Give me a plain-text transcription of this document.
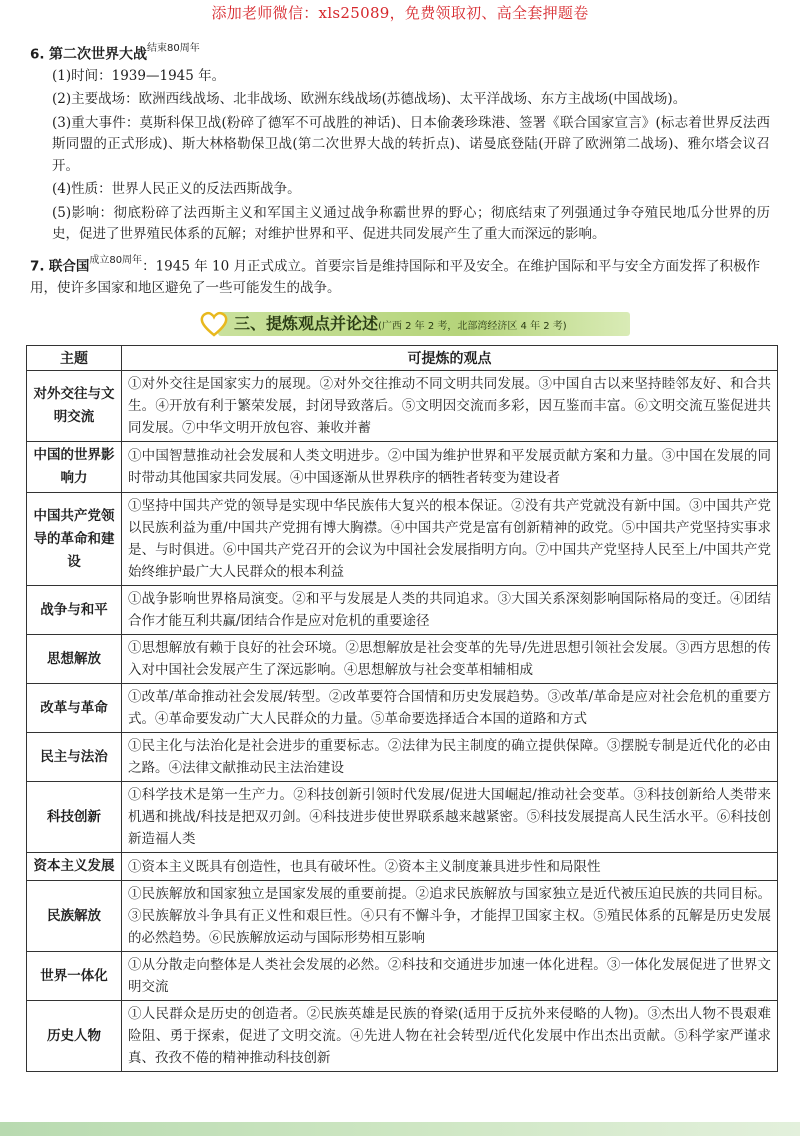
添加老师微信：xls25089，免费领取初、高全套押题卷
6. 第二次世界大战$^{结束80周年}$

(1)时间：1939—1945 年。

(2)主要战场：欧洲西线战场、北非战场、欧洲东线战场(苏德战场)、太平洋战场、东方主战场(中国战场)。

(3)重大事件：莫斯科保卫战(粉碎了德军不可战胜的神话)、日本偷袭珍珠港、签署《联合国家宣言》(标志着世界反法西斯同盟的正式形成)、斯大林格勒保卫战(第二次世界大战的转折点)、诺曼底登陆(开辟了欧洲第二战场)、雅尔塔会议召开。

(4)性质：世界人民正义的反法西斯战争。

(5)影响：彻底粉碎了法西斯主义和军国主义通过战争称霸世界的野心；彻底结束了列强通过争夺殖民地瓜分世界的历史，促进了世界殖民体系的瓦解；对维护世界和平、促进共同发展产生了重大而深远的影响。

7. 联合国$^{成立80周年}$：1945 年 10 月正式成立。首要宗旨是维持国际和平及安全。在维护国际和平与安全方面发挥了积极作用，使许多国家和地区避免了一些可能发生的战争。
三、提炼观点并论述(广西 2 年 2 考，北部湾经济区 4 年 2 考)
主题	可提炼的观点
对外交往与文明交流	①对外交往是国家实力的展现。②对外交往推动不同文明共同发展。③中国自古以来坚持睦邻友好、和合共生。④开放有利于繁荣发展，封闭导致落后。⑤文明因交流而多彩，因互鉴而丰富。⑥文明交流互鉴促进共同发展。⑦中华文明开放包容、兼收并蓄
中国的世界影响力	①中国智慧推动社会发展和人类文明进步。②中国为维护世界和平发展贡献方案和力量。③中国在发展的同时带动其他国家共同发展。④中国逐渐从世界秩序的牺牲者转变为建设者
中国共产党领导的革命和建设	①坚持中国共产党的领导是实现中华民族伟大复兴的根本保证。②没有共产党就没有新中国。③中国共产党以民族利益为重/中国共产党拥有博大胸襟。④中国共产党是富有创新精神的政党。⑤中国共产党坚持实事求是、与时俱进。⑥中国共产党召开的会议为中国社会发展指明方向。⑦中国共产党坚持人民至上/中国共产党始终维护最广大人民群众的根本利益
战争与和平	①战争影响世界格局演变。②和平与发展是人类的共同追求。③大国关系深刻影响国际格局的变迁。④团结合作才能互利共赢/团结合作是应对危机的重要途径
思想解放	①思想解放有赖于良好的社会环境。②思想解放是社会变革的先导/先进思想引领社会发展。③西方思想的传入对中国社会发展产生了深远影响。④思想解放与社会变革相辅相成
改革与革命	①改革/革命推动社会发展/转型。②改革要符合国情和历史发展趋势。③改革/革命是应对社会危机的重要方式。④革命要发动广大人民群众的力量。⑤革命要选择适合本国的道路和方式
民主与法治	①民主化与法治化是社会进步的重要标志。②法律为民主制度的确立提供保障。③摆脱专制是近代化的必由之路。④法律文献推动民主法治建设
科技创新	①科学技术是第一生产力。②科技创新引领时代发展/促进大国崛起/推动社会变革。③科技创新给人类带来机遇和挑战/科技是把双刃剑。④科技进步使世界联系越来越紧密。⑤科技发展提高人民生活水平。⑥科技创新造福人类
资本主义发展	①资本主义既具有创造性，也具有破坏性。②资本主义制度兼具进步性和局限性
民族解放	①民族解放和国家独立是国家发展的重要前提。②追求民族解放与国家独立是近代被压迫民族的共同目标。③民族解放斗争具有正义性和艰巨性。④只有不懈斗争，才能捍卫国家主权。⑤殖民体系的瓦解是历史发展的必然趋势。⑥民族解放运动与国际形势相互影响
世界一体化	①从分散走向整体是人类社会发展的必然。②科技和交通进步加速一体化进程。③一体化发展促进了世界文明交流
历史人物	①人民群众是历史的创造者。②民族英雄是民族的脊梁(适用于反抗外来侵略的人物)。③杰出人物不畏艰难险阻、勇于探索，促进了文明交流。④先进人物在社会转型/近代化发展中作出杰出贡献。⑤科学家严谨求真、孜孜不倦的精神推动科技创新
